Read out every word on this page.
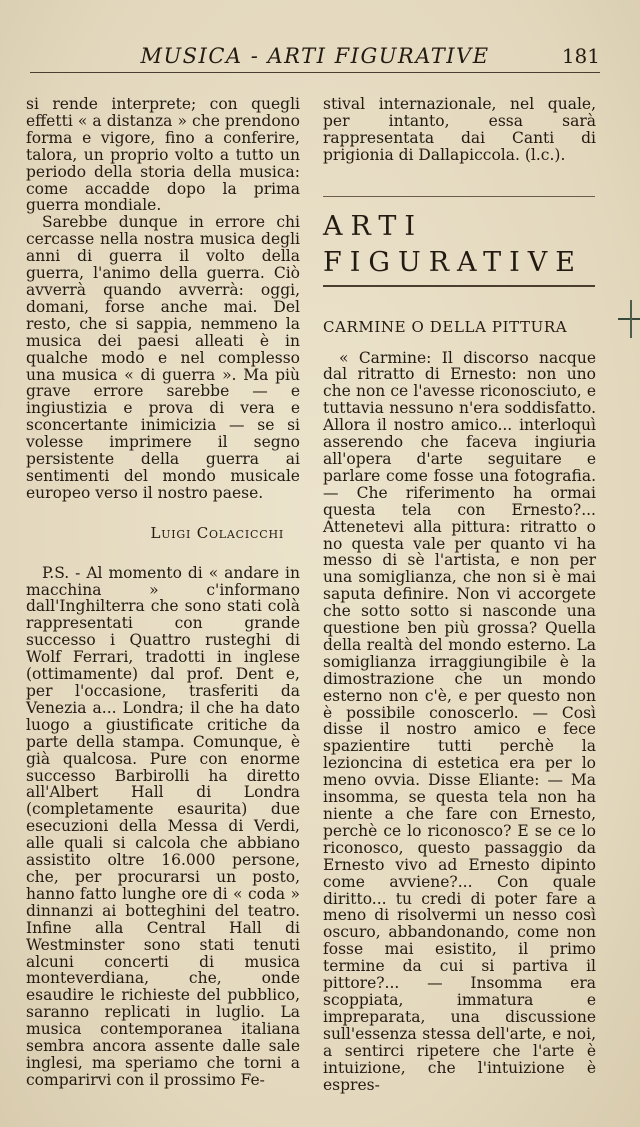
MUSICA - ARTI FIGURATIVE	181

si rende interprete; con quegli effetti « a distanza » che prendono forma e vigore, fino a conferire, talora, un proprio volto a tutto un periodo della storia della musica: come accadde dopo la prima guerra mondiale.

Sarebbe dunque in errore chi cercasse nella nostra musica degli anni di guerra il volto della guerra, l'animo della guerra. Ciò avverrà quando avverrà: oggi, domani, forse anche mai. Del resto, che si sappia, nemmeno la musica dei paesi alleati è in qualche modo e nel complesso una musica « di guerra ». Ma più grave errore sarebbe — e ingiustizia e prova di vera e sconcertante inimicizia — se si volesse imprimere il segno persistente della guerra ai sentimenti del mondo musicale europeo verso il nostro paese.

Luigi Colacicchi

P.S. - Al momento di « andare in macchina » c'informano dall'Inghilterra che sono stati colà rappresentati con grande successo i Quattro rusteghi di Wolf Ferrari, tradotti in inglese (ottimamente) dal prof. Dent e, per l'occasione, trasferiti da Venezia a... Londra; il che ha dato luogo a giustificate critiche da parte della stampa. Comunque, è già qualcosa. Pure con enorme successo Barbirolli ha diretto all'Albert Hall di Londra (completamente esaurita) due esecuzioni della Messa di Verdi, alle quali si calcola che abbiano assistito oltre 16.000 persone, che, per procurarsi un posto, hanno fatto lunghe ore di « coda » dinnanzi ai botteghini del teatro. Infine alla Central Hall di Westminster sono stati tenuti alcuni concerti di musica monteverdiana, che, onde esaudire le richieste del pubblico, saranno replicati in luglio. La musica contemporanea italiana sembra ancora assente dalle sale inglesi, ma speriamo che torni a comparirvi con il prossimo Fe-

stival internazionale, nel quale, per intanto, essa sarà rappresentata dai Canti di prigionia di Dallapiccola. (l.c.).

ARTI
FIGURATIVE
CARMINE O DELLA PITTURA

« Carmine: Il discorso nacque dal ritratto di Ernesto: non uno che non ce l'avesse riconosciuto, e tuttavia nessuno n'era soddisfatto. Allora il nostro amico... interloquì asserendo che faceva ingiuria all'opera d'arte seguitare e parlare come fosse una fotografia. — Che riferimento ha ormai questa tela con Ernesto?... Attenetevi alla pittura: ritratto o no questa vale per quanto vi ha messo di sè l'artista, e non per una somiglianza, che non si è mai saputa definire. Non vi accorgete che sotto sotto si nasconde una questione ben più grossa? Quella della realtà del mondo esterno. La somiglianza irraggiungibile è la dimostrazione che un mondo esterno non c'è, e per questo non è possibile conoscerlo. — Così disse il nostro amico e fece spazientire tutti perchè la lezioncina di estetica era per lo meno ovvia. Disse Eliante: — Ma insomma, se questa tela non ha niente a che fare con Ernesto, perchè ce lo riconosco? E se ce lo riconosco, questo passaggio da Ernesto vivo ad Ernesto dipinto come avviene?... Con quale diritto... tu credi di poter fare a meno di risolvermi un nesso così oscuro, abbandonando, come non fosse mai esistito, il primo termine da cui si partiva il pittore?... — Insomma era scoppiata, immatura e impreparata, una discussione sull'essenza stessa dell'arte, e noi, a sentirci ripetere che l'arte è intuizione, che l'intuizione è espres-
